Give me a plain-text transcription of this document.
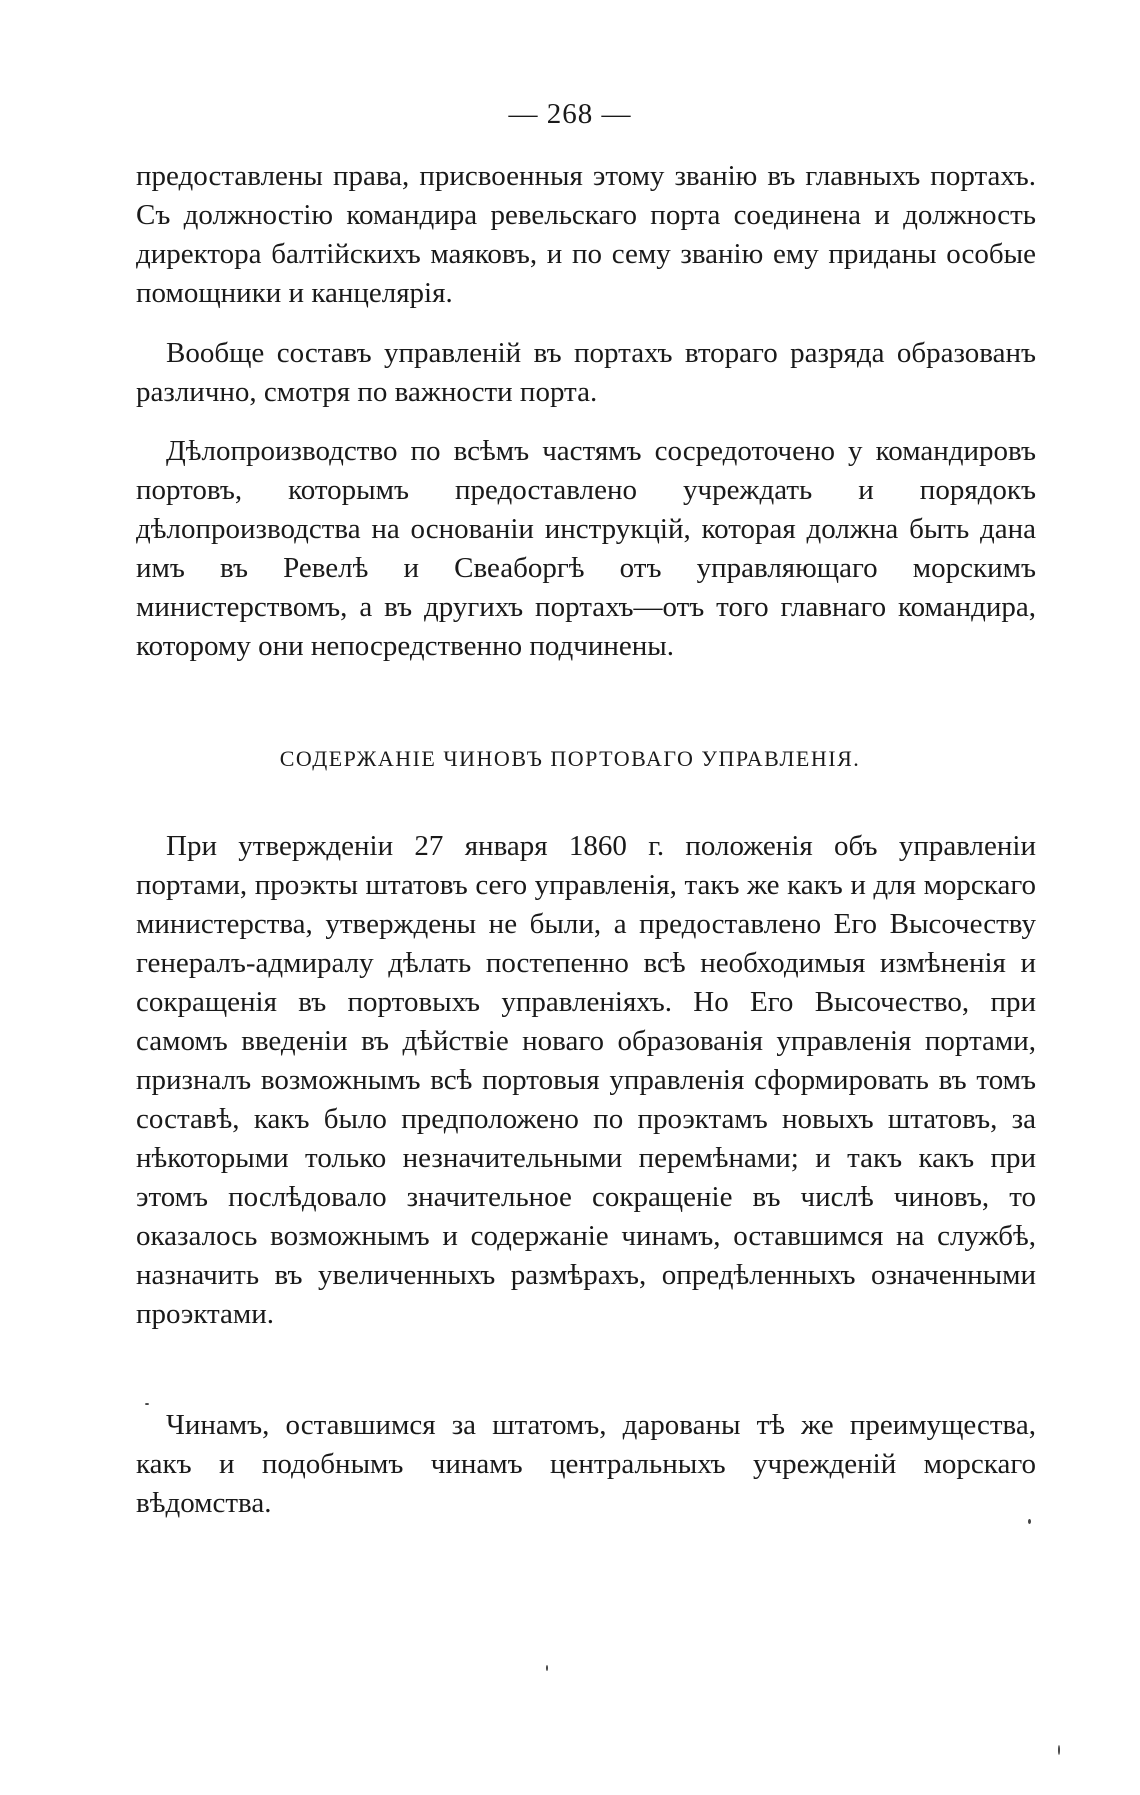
— 268 —

предоставлены права, присвоенныя этому званію въ главныхъ портахъ. Съ должностію командира ревельскаго порта соединена и должность директора балтійскихъ маяковъ, и по сему званію ему приданы особые помощники и канцелярія.

Вообще составъ управленій въ портахъ втораго разряда образованъ различно, смотря по важности порта.

Дѣлопроизводство по всѣмъ частямъ сосредоточено у командировъ портовъ, которымъ предоставлено учреждать и порядокъ дѣлопроизводства на основаніи инструкцій, которая должна быть дана имъ въ Ревелѣ и Свеаборгѣ отъ управляющаго морскимъ министерствомъ, а въ другихъ портахъ—отъ того главнаго командира, которому они непосредственно подчинены.

СОДЕРЖАНІЕ ЧИНОВЪ ПОРТОВАГО УПРАВЛЕНІЯ.

При утвержденіи 27 января 1860 г. положенія объ управленіи портами, проэкты штатовъ сего управленія, такъ же какъ и для морскаго министерства, утверждены не были, а предоставлено Его Высочеству генералъ-адмиралу дѣлать постепенно всѣ необходимыя измѣненія и сокращенія въ портовыхъ управленіяхъ. Но Его Высочество, при самомъ введеніи въ дѣйствіе новаго образованія управленія портами, призналъ возможнымъ всѣ портовыя управленія сформировать въ томъ составѣ, какъ было предположено по проэктамъ новыхъ штатовъ, за нѣкоторыми только незначительными перемѣнами; и такъ какъ при этомъ послѣдовало значительное сокращеніе въ числѣ чиновъ, то оказалось возможнымъ и содержаніе чинамъ, оставшимся на службѣ, назначить въ увеличенныхъ размѣрахъ, опредѣленныхъ означенными проэктами.

Чинамъ, оставшимся за штатомъ, дарованы тѣ же преимущества, какъ и подобнымъ чинамъ центральныхъ учрежденій морскаго вѣдомства.
